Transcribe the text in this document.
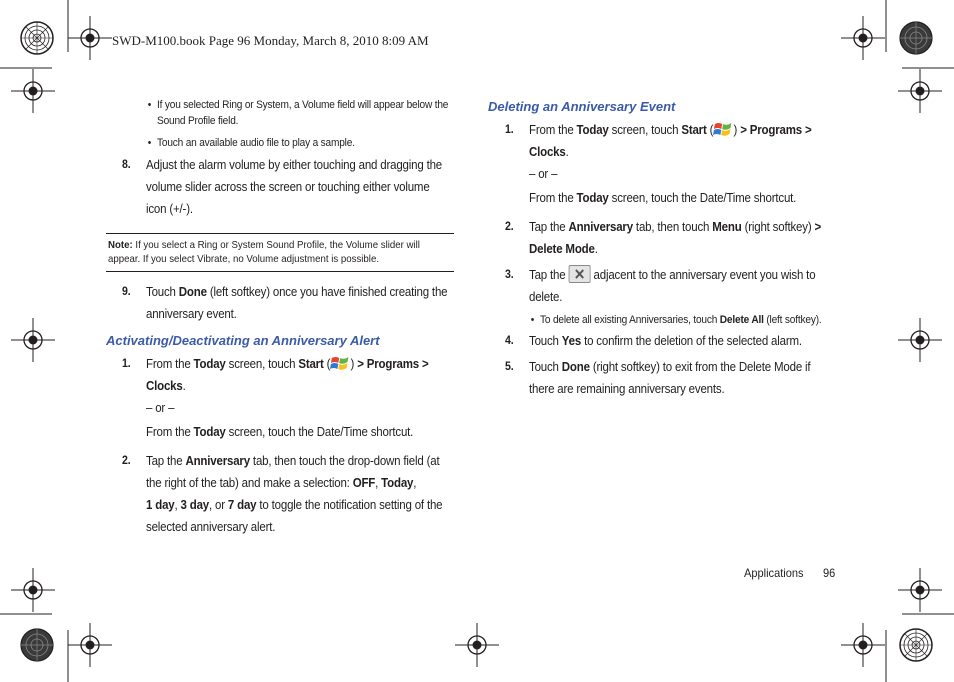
SWD-M100.book Page 96 Monday, March 8, 2010 8:09 AM
• If you selected Ring or System, a Volume field will appear below the Sound Profile field.
• Touch an available audio file to play a sample.
8. Adjust the alarm volume by either touching and dragging the volume slider across the screen or touching either volume icon (+/-).
Note: If you select a Ring or System Sound Profile, the Volume slider will appear. If you select Vibrate, no Volume adjustment is possible.
9. Touch Done (left softkey) once you have finished creating the anniversary event.
Activating/Deactivating an Anniversary Alert
1. From the Today screen, touch Start ( ) > Programs >
Clocks.
– or –
From the Today screen, touch the Date/Time shortcut.
2. Tap the Anniversary tab, then touch the drop-down field (at the right of the tab) and make a selection: OFF, Today,
1 day, 3 day, or 7 day to toggle the notification setting of the selected anniversary alert.
Deleting an Anniversary Event
1. From the Today screen, touch Start ( ) > Programs >
Clocks.
– or –
From the Today screen, touch the Date/Time shortcut.
2. Tap the Anniversary tab, then touch Menu (right softkey) >
Delete Mode.
3. Tap the  adjacent to the anniversary event you wish to delete.
• To delete all existing Anniversaries, touch Delete All (left softkey).
4. Touch Yes to confirm the deletion of the selected alarm.
5. Touch Done (right softkey) to exit from the Delete Mode if there are remaining anniversary events.
Applications 96
